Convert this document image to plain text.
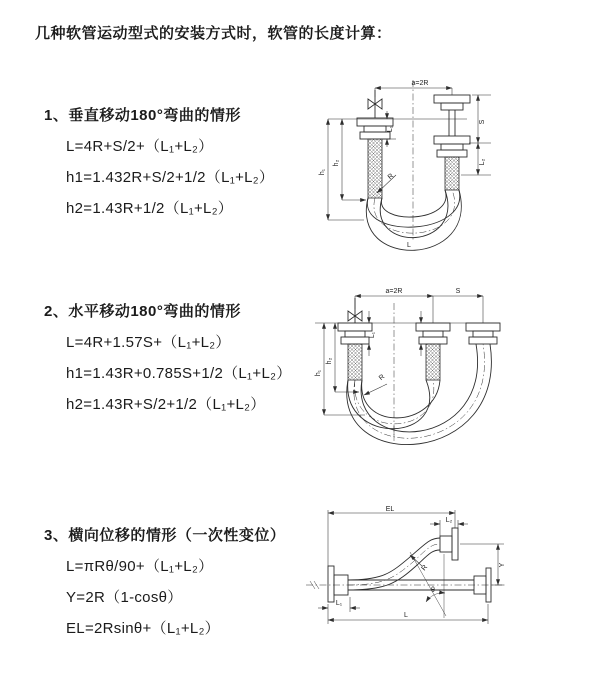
几种软管运动型式的安装方式时，软管的长度计算：
1、垂直移动180°弯曲的情形
L=4R+S/2+（L₁+L₂）
h1=1.432R+S/2+1/2（L₁+L₂）
h2=1.43R+1/2（L₁+L₂）
a=2R
h₁
h₂
L₁
S
L₂
R
L
2、水平移动180°弯曲的情形
L=4R+1.57S+（L₁+L₂）
h1=1.43R+0.785S+1/2（L₁+L₂）
h2=1.43R+S/2+1/2（L₁+L₂）
a=2R	S
h₁
h₂
L₁
R
3、横向位移的情形（一次性变位）
L=πRθ/90+（L₁+L₂）
Y=2R（1-cosθ）
EL=2Rsinθ+（L₁+L₂）
EL
L₂
Y
L
L₁
θ
R
